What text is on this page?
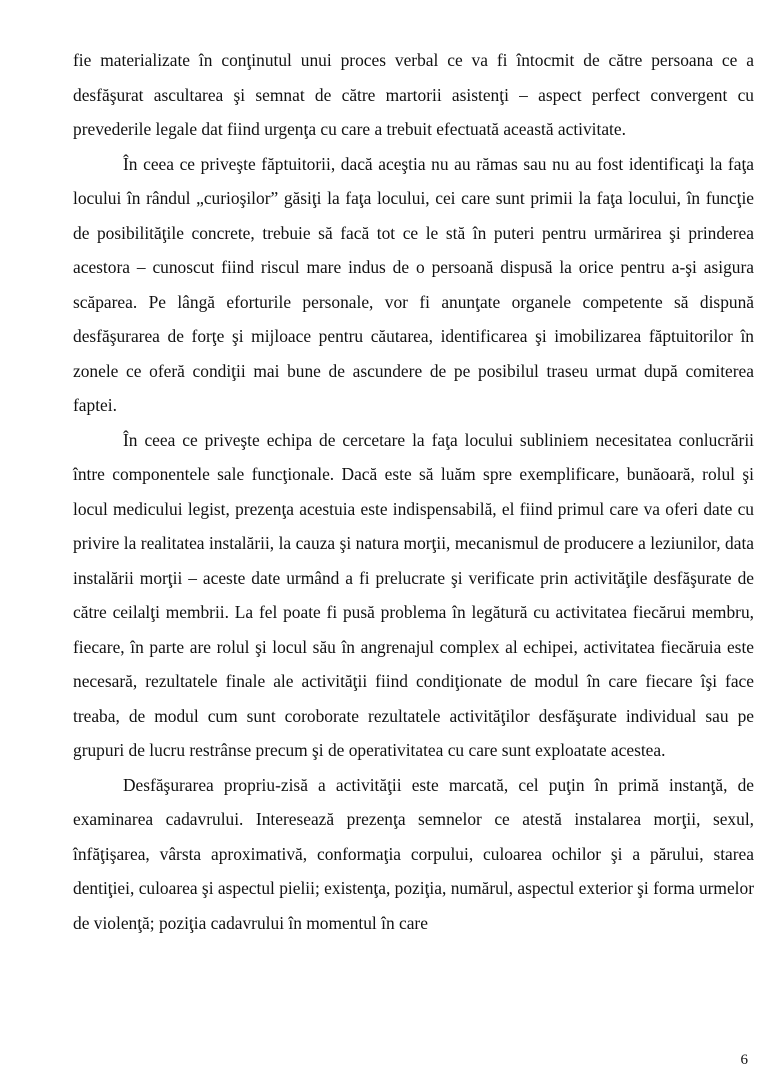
fie materializate în conţinutul unui proces verbal ce va fi întocmit de către persoana ce a desfăşurat ascultarea şi semnat de către martorii asistenţi – aspect perfect convergent cu prevederile legale dat fiind urgenţa cu care a trebuit efectuată această activitate.

În ceea ce priveşte făptuitorii, dacă aceştia nu au rămas sau nu au fost identificaţi la faţa locului în rândul „curioşilor” găsiţi la faţa locului, cei care sunt primii la faţa locului, în funcţie de posibilităţile concrete, trebuie să facă tot ce le stă în puteri pentru urmărirea şi prinderea acestora – cunoscut fiind riscul mare indus de o persoană dispusă la orice pentru a-şi asigura scăparea. Pe lângă eforturile personale, vor fi anunţate organele competente să dispună desfăşurarea de forţe şi mijloace pentru căutarea, identificarea şi imobilizarea făptuitorilor în zonele ce oferă condiţii mai bune de ascundere de pe posibilul traseu urmat după comiterea faptei.

În ceea ce priveşte echipa de cercetare la faţa locului subliniem necesitatea conlucrării între componentele sale funcţionale. Dacă este să luăm spre exemplificare, bunăoară, rolul şi locul medicului legist, prezenţa acestuia este indispensabilă, el fiind primul care va oferi date cu privire la realitatea instalării, la cauza şi natura morţii, mecanismul de producere a leziunilor, data instalării morţii – aceste date urmând a fi prelucrate şi verificate prin activităţile desfăşurate de către ceilalţi membrii. La fel poate fi pusă problema în legătură cu activitatea fiecărui membru, fiecare, în parte are rolul şi locul său în angrenajul complex al echipei, activitatea fiecăruia este necesară, rezultatele finale ale activităţii fiind condiţionate de modul în care fiecare îşi face treaba, de modul cum sunt coroborate rezultatele activităţilor desfăşurate individual sau pe grupuri de lucru restrânse precum şi de operativitatea cu care sunt exploatate acestea.

Desfăşurarea propriu-zisă a activităţii este marcată, cel puţin în primă instanţă, de examinarea cadavrului. Interesează prezenţa semnelor ce atestă instalarea morţii, sexul, înfăţişarea, vârsta aproximativă, conformaţia corpului, culoarea ochilor şi a părului, starea dentiţiei, culoarea şi aspectul pielii; existenţa, poziţia, numărul, aspectul exterior şi forma urmelor de violenţă; poziţia cadavrului în momentul în care

6
